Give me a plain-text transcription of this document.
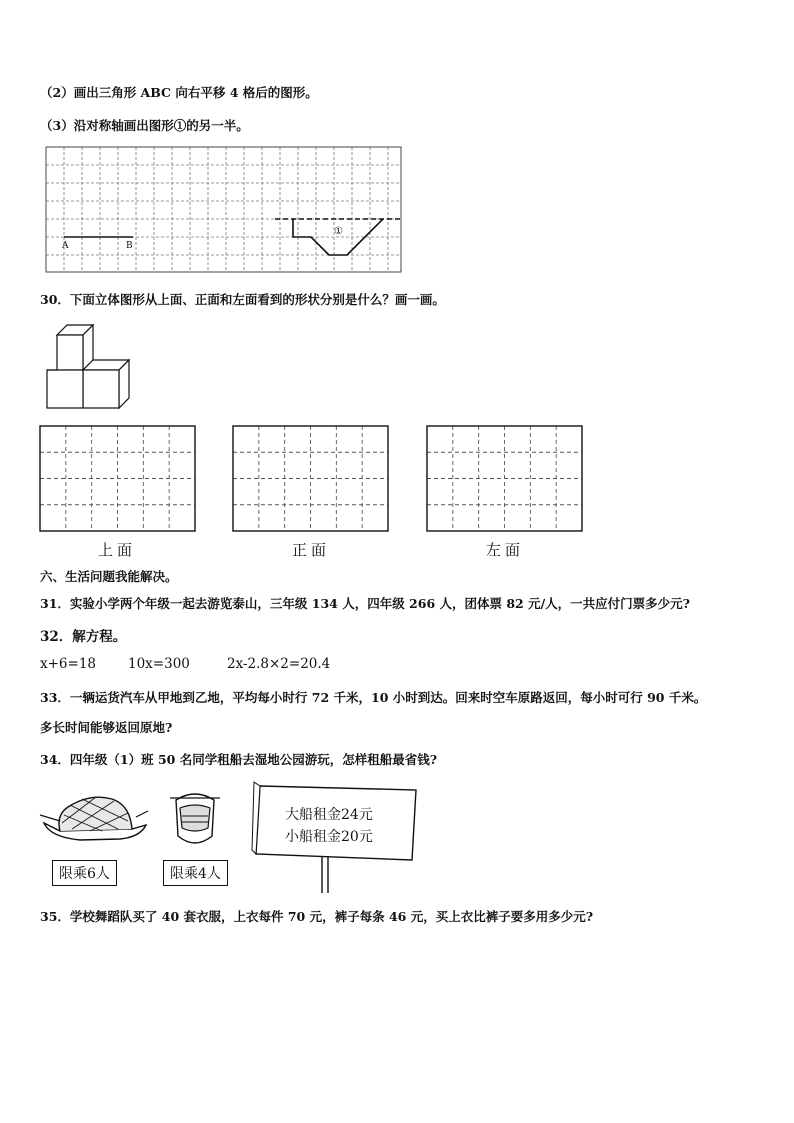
（2）画出三角形 ABC 向右平移 4 格后的图形。
（3）沿对称轴画出图形①的另一半。
A	B
①
30．下面立体图形从上面、正面和左面看到的形状分别是什么？画一画。
上面	正面	左面
六、生活问题我能解决。
31．实验小学两个年级一起去游览泰山，三年级 134 人，四年级 266 人，团体票 82 元/人，一共应付门票多少元?
32．解方程。
x+6=18 10x=300	2x-2.8×2=20.4
33．一辆运货汽车从甲地到乙地，平均每小时行 72 千米，10 小时到达。回来时空车原路返回，每小时可行 90 千米。
多长时间能够返回原地?
34．四年级（1）班 50 名同学租船去湿地公园游玩，怎样租船最省钱?
限乘6人	限乘4人
大船租金24元
小船租金20元
35．学校舞蹈队买了 40 套衣服，上衣每件 70 元，裤子每条 46 元，买上衣比裤子要多用多少元?
